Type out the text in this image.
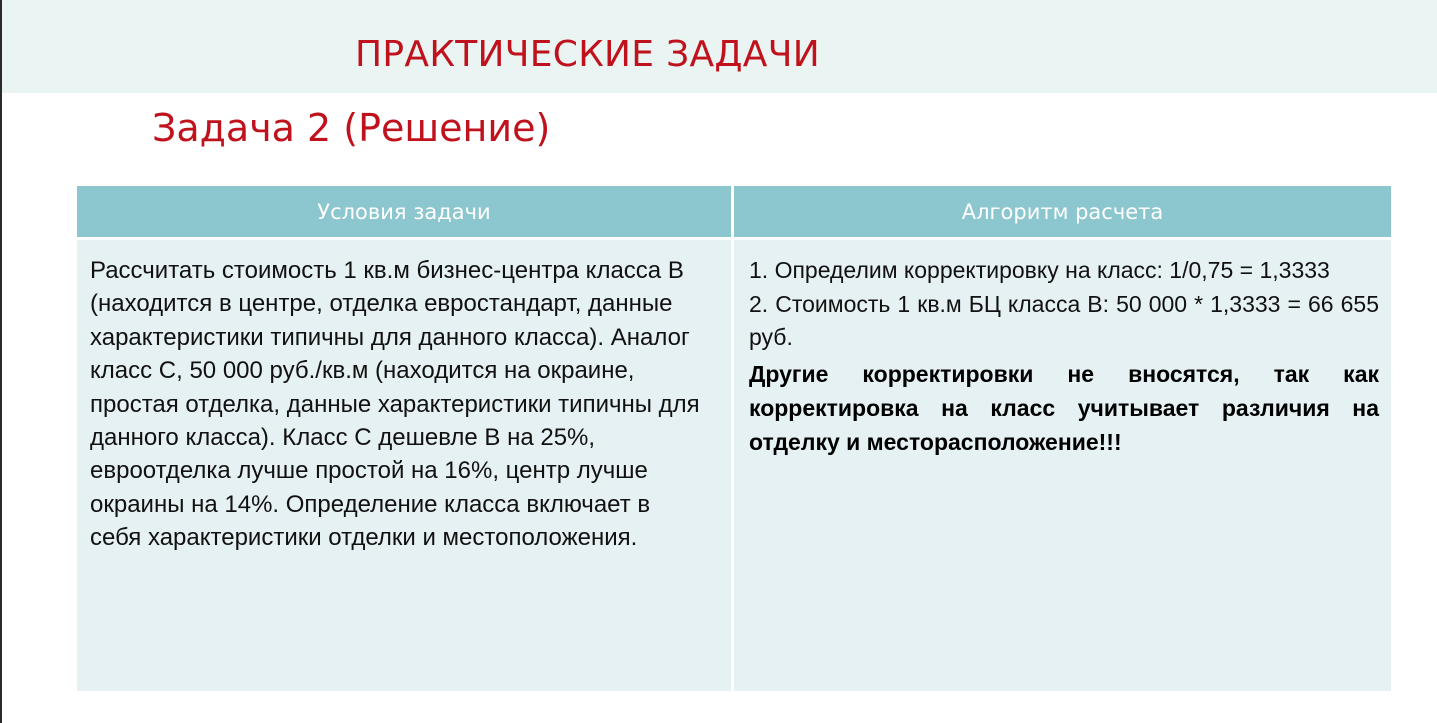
ПРАКТИЧЕСКИЕ ЗАДАЧИ
Задача 2 (Решение)
Условия задачи	Алгоритм расчета
Рассчитать стоимость 1 кв.м бизнес-центра класса В (находится в центре, отделка евростандарт, данные характеристики типичны для данного класса). Аналог класс С, 50 000 руб./кв.м (находится на окраине, простая отделка, данные характеристики типичны для данного класса). Класс С дешевле В на 25%, евроотделка лучше простой на 16%, центр лучше окраины на 14%. Определение класса включает в себя характеристики отделки и местоположения.
1. Определим корректировку на класс: 1/0,75 = 1,3333
2. Стоимость 1 кв.м БЦ класса В: 50 000 * 1,3333 = 66 655 руб.
Другие корректировки не вносятся, так как корректировка на класс учитывает различия на отделку и месторасположение!!!
